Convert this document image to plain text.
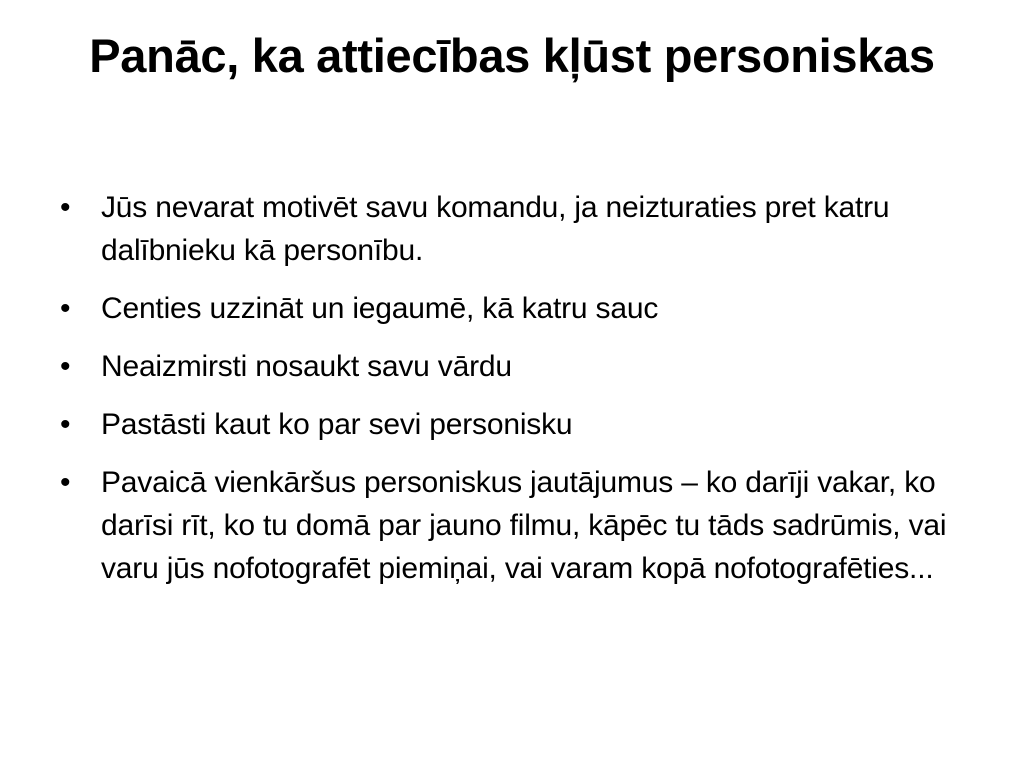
Panāc, ka attiecības kļūst personiskas
•	Jūs nevarat motivēt savu komandu, ja neizturaties pret katru dalībnieku kā personību.
•	Centies uzzināt un iegaumē, kā katru sauc
•	Neaizmirsti nosaukt savu vārdu
•	Pastāsti kaut ko par sevi personisku
•	Pavaicā vienkāršus personiskus jautājumus – ko darīji vakar, ko darīsi rīt, ko tu domā par jauno filmu, kāpēc tu tāds sadrūmis, vai varu jūs nofotografēt piemiņai, vai varam kopā nofotografēties...
